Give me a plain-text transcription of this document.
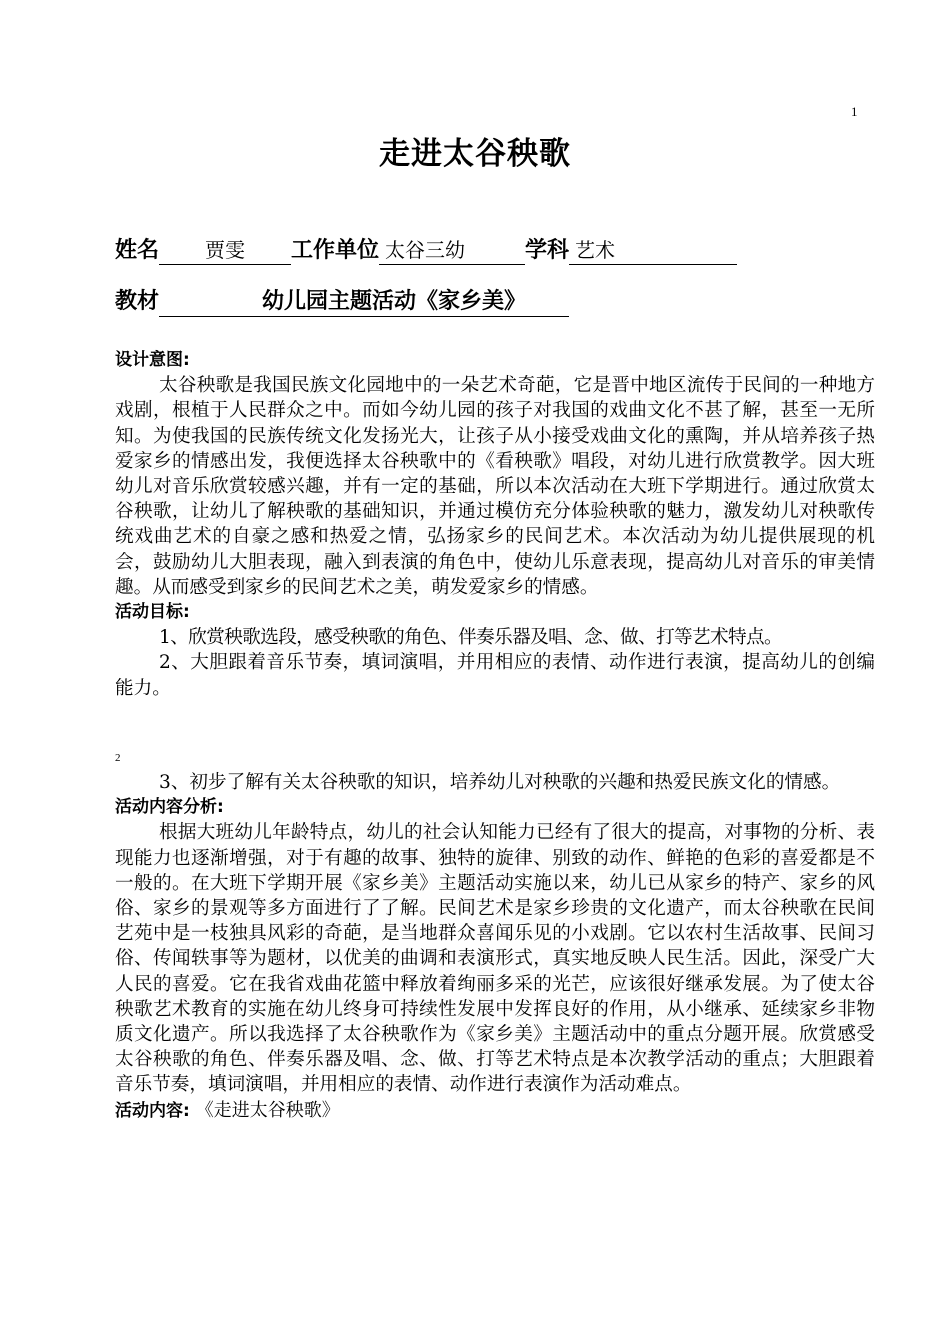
1
走进太谷秧歌
姓名 贾雯 工作单位 太谷三幼	学科 艺术
教材	幼儿园主题活动《家乡美》
设计意图:

太谷秧歌是我国民族文化园地中的一朵艺术奇葩，它是晋中地区流传于民间的一种地方戏剧，根植于人民群众之中。而如今幼儿园的孩子对我国的戏曲文化不甚了解，甚至一无所知。为使我国的民族传统文化发扬光大，让孩子从小接受戏曲文化的熏陶，并从培养孩子热爱家乡的情感出发，我便选择太谷秧歌中的《看秧歌》唱段，对幼儿进行欣赏教学。因大班幼儿对音乐欣赏较感兴趣，并有一定的基础，所以本次活动在大班下学期进行。通过欣赏太谷秧歌，让幼儿了解秧歌的基础知识，并通过模仿充分体验秧歌的魅力，激发幼儿对秧歌传统戏曲艺术的自豪之感和热爱之情，弘扬家乡的民间艺术。本次活动为幼儿提供展现的机会，鼓励幼儿大胆表现，融入到表演的角色中，使幼儿乐意表现，提高幼儿对音乐的审美情趣。从而感受到家乡的民间艺术之美，萌发爱家乡的情感。

活动目标:

1、欣赏秧歌选段，感受秧歌的角色、伴奏乐器及唱、念、做、打等艺术特点。

2、大胆跟着音乐节奏，填词演唱，并用相应的表情、动作进行表演，提高幼儿的创编能力。

2

3、初步了解有关太谷秧歌的知识，培养幼儿对秧歌的兴趣和热爱民族文化的情感。

活动内容分析:

根据大班幼儿年龄特点，幼儿的社会认知能力已经有了很大的提高，对事物的分析、表现能力也逐渐增强，对于有趣的故事、独特的旋律、别致的动作、鲜艳的色彩的喜爱都是不一般的。在大班下学期开展《家乡美》主题活动实施以来，幼儿已从家乡的特产、家乡的风俗、家乡的景观等多方面进行了了解。民间艺术是家乡珍贵的文化遗产，而太谷秧歌在民间艺苑中是一枝独具风彩的奇葩，是当地群众喜闻乐见的小戏剧。它以农村生活故事、民间习俗、传闻轶事等为题材，以优美的曲调和表演形式，真实地反映人民生活。因此，深受广大人民的喜爱。它在我省戏曲花篮中释放着绚丽多采的光芒，应该很好继承发展。为了使太谷秧歌艺术教育的实施在幼儿终身可持续性发展中发挥良好的作用，从小继承、延续家乡非物质文化遗产。所以我选择了太谷秧歌作为《家乡美》主题活动中的重点分题开展。欣赏感受太谷秧歌的角色、伴奏乐器及唱、念、做、打等艺术特点是本次教学活动的重点；大胆跟着音乐节奏，填词演唱，并用相应的表情、动作进行表演作为活动难点。

活动内容: 《走进太谷秧歌》
